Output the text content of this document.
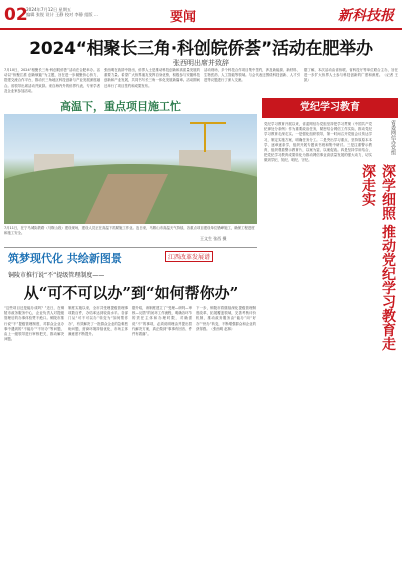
02
2024年7月12日 星期五
编辑 张锐 设计 王静 校对 李静 组版 ...	要闻	新科技报
2024“相聚长三角·科创皖侨荟”活动在肥举办
张西明出席并致辞
7月10日，2024“相聚长三角·科创皖侨荟”活动在合肥举办。活动以“侨聚江淮 创新赋能”为主题，旨在进一步凝聚侨心侨力，搭建交流合作平台，推动长三角地区科技创新与产业发展深度融合。省领导出席活动并致辞。来自海内外的侨界代表、专家学者及企业家参加活动。
张西明在致辞中指出，侨界人士是推动科技创新和高质量发展的重要力量。希望广大侨界朋友发挥自身优势，积极参与安徽科技创新和产业发展，共同书写长三角一体化发展新篇章。活动期间还举行了项目签约和成果发布。
活动现场，多个科技合作项目集中签约，涉及新能源、新材料、生物医药、人工智能等领域。与会代表还围绕科技创新、人才引进等议题进行了深入交流。
据了解，本次活动由省侨联、省科技厅等单位联合主办，旨在进一步扩大侨界人士参与科技创新的广度和深度。（记者 王凯）
高温下，重点项目施工忙
7月11日，在宁马城际铁路（马鞍山段）建设现场，建设人员正在高温下抓紧施工作业。连日来，马鞍山市高温天气持续，各重点项目建设单位错峰施工，确保工程进度和施工安全。
王文生 张西 摄
党纪学习教育
省委网信办党组
深学细照 推动党纪学习教育走深走实
党纪学习教育开展以来，省委网信办党组坚持把学习贯彻《中国共产党纪律处分条例》作为重要政治任务，紧密结合网信工作实际，推动党纪学习教育走深走实。一是强化组织领导，第一时间召开党组会议传达学习，制定实施方案，明确任务分工。二是突出学习重点，坚持原原本本学、逐章逐条学，组织开展专题读书班和集中研讨。三是注重警示教育，组织观看警示教育片，以案为鉴、以案促改。四是坚持学用结合，把党纪学习教育成果转化为推动网信事业高质量发展的强大动力，切实做到学纪、知纪、明纪、守纪。
筑梦现代化 共绘新图景	江西改革发展谱
铜陵市推行说“不”提级管理制度——
从“可不可以办”到“如何帮你办”
“这些项目还是能办成吗？”近日，在铜陵市政务服务中心，企业负责人对提级管理后的办事体验赞不绝口。铜陵市推行说“不”提级管理制度，对群众企业办事中遇到的“不能办”“不好办”等问题，由上一级领导进行审核把关，推动解决问题。
制度实施以来，全市共受理提级管理事项数百件，办结率达到较高水平。各部门从“可不可以办”转变为“如何帮你办”，有效解决了一批群众企业的急难愁盼问题，营商环境持续优化，市场主体满意度不断提升。
据介绍，该制度建立了“受理—研判—审核—反馈”的闭环工作流程，明确各环节的责任主体和办理时限，对确需说“不”的事项，必须说明理由并提出替代解决方案，真正做到“事事有回音、件件有着落”。
下一步，铜陵市将继续深化提级管理制度改革，拓展覆盖领域，完善考核评价机制，推动政务服务由“能办”向“好办”“快办”转变，不断增强群众和企业的获得感。（张西明 赵林）
